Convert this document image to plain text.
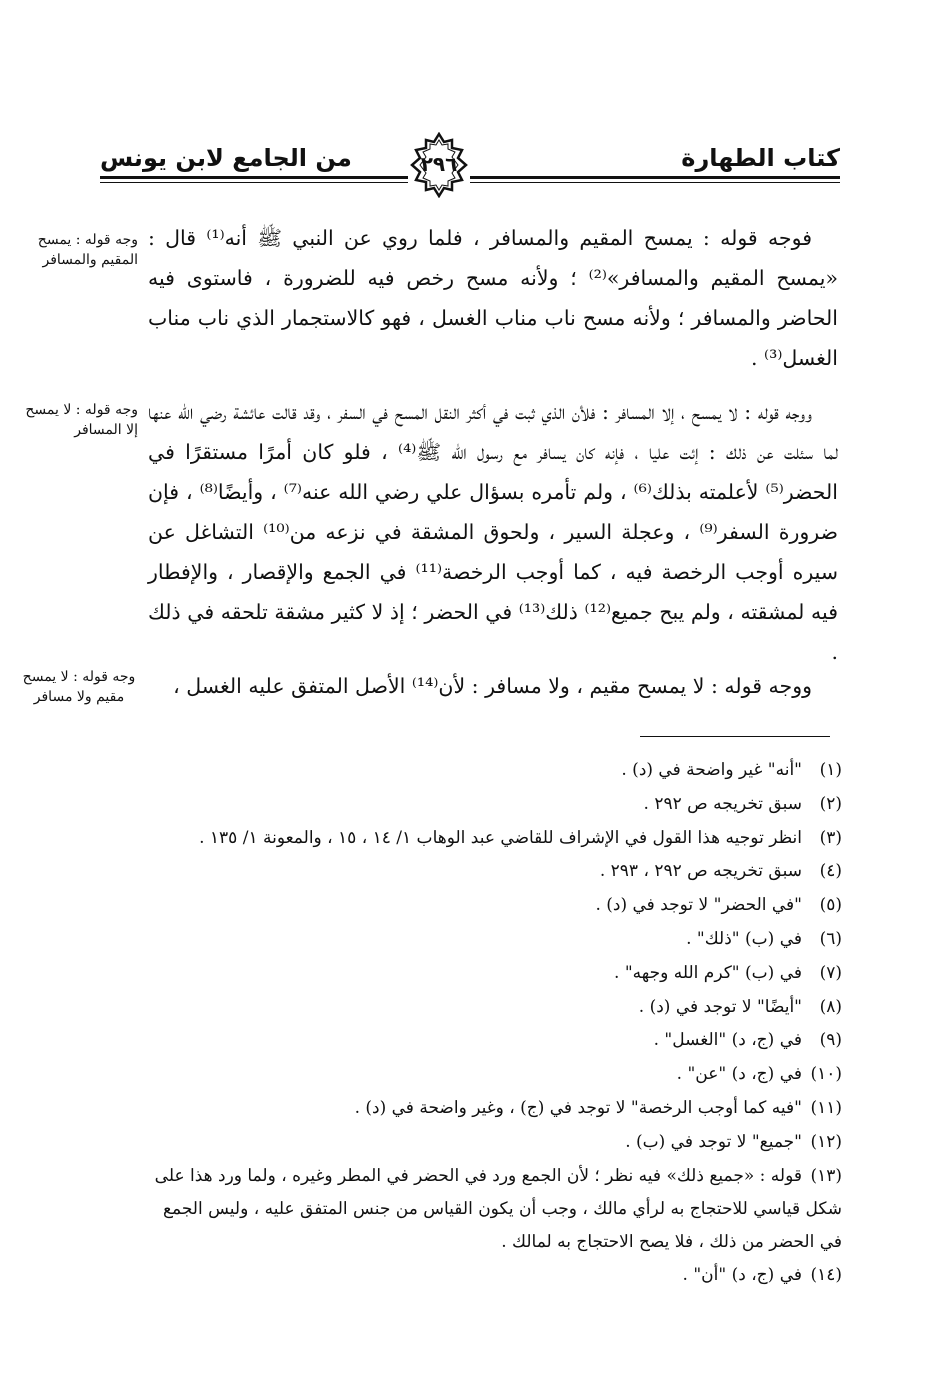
كتاب الطهارة
من الجامع لابن يونس	٢٩٦

فوجه قوله : يمسح المقيم والمسافر ، فلما روي عن النبي ﷺ أنه⁽¹⁾ قال : «يمسح المقيم والمسافر»⁽²⁾ ؛ ولأنه مسح رخص فيه للضرورة ، فاستوى فيه الحاضر والمسافر ؛ ولأنه مسح ناب مناب الغسل ، فهو كالاستجمار الذي ناب مناب الغسل⁽³⁾ .

ووجه قوله : لا يمسح ، إلا المسافر : فلأن الذي ثبت في أكثر النقل المسح في السفر ، وقد قالت عائشة رضي الله عنها لما سئلت عن ذلك : إئت عليا ، فإنه كان يسافر مع رسول الله ﷺ⁽⁴⁾ ، فلو كان أمرًا مستقرًا في الحضر⁽⁵⁾ لأعلمته بذلك⁽⁶⁾ ، ولم تأمره بسؤال علي رضي الله عنه⁽⁷⁾ ، وأيضًا⁽⁸⁾ ، فإن ضرورة السفر⁽⁹⁾ ، وعجلة السير ، ولحوق المشقة في نزعه من⁽¹⁰⁾ التشاغل عن سيره أوجب الرخصة فيه ، كما أوجب الرخصة⁽¹¹⁾ في الجمع والإقصار ، والإفطار فيه لمشقته ، ولم يبح جميع⁽¹²⁾ ذلك⁽¹³⁾ في الحضر ؛ إذ لا كثير مشقة تلحقه في ذلك .

ووجه قوله : لا يمسح مقيم ، ولا مسافر : لأن⁽¹⁴⁾ الأصل المتفق عليه الغسل ،

وجه قوله : يمسح المقيم والمسافر
وجه قوله : لا يمسح إلا المسافر
وجه قوله : لا يمسح مقيم ولا مسافر
(١)"أنه" غير واضحة في (د) .
(٢)سبق تخريجه ص ٢٩٢ .
(٣)انظر توجيه هذا القول في الإشراف للقاضي عبد الوهاب ١/ ١٤ ، ١٥ ، والمعونة ١/ ١٣٥ .
(٤)سبق تخريجه ص ٢٩٢ ، ٢٩٣ .
(٥)"في الحضر" لا توجد في (د) .
(٦)في (ب) "ذلك" .
(٧)في (ب) "كرم الله وجهه" .
(٨)"أيضًا" لا توجد في (د) .
(٩)في (ج، د) "الغسل" .
(١٠)في (ج، د) "عن" .
(١١)"فيه كما أوجب الرخصة" لا توجد في (ج) ، وغير واضحة في (د) .
(١٢)"جميع" لا توجد في (ب) .
(١٣)قوله : «جميع ذلك» فيه نظر ؛ لأن الجمع ورد في الحضر في المطر وغيره ، ولما ورد هذا على شكل قياسي للاحتجاج به لرأي مالك ، وجب أن يكون القياس من جنس المتفق عليه ، وليس الجمع في الحضر من ذلك ، فلا يصح الاحتجاج به لمالك .
(١٤)في (ج، د) "أن" .
